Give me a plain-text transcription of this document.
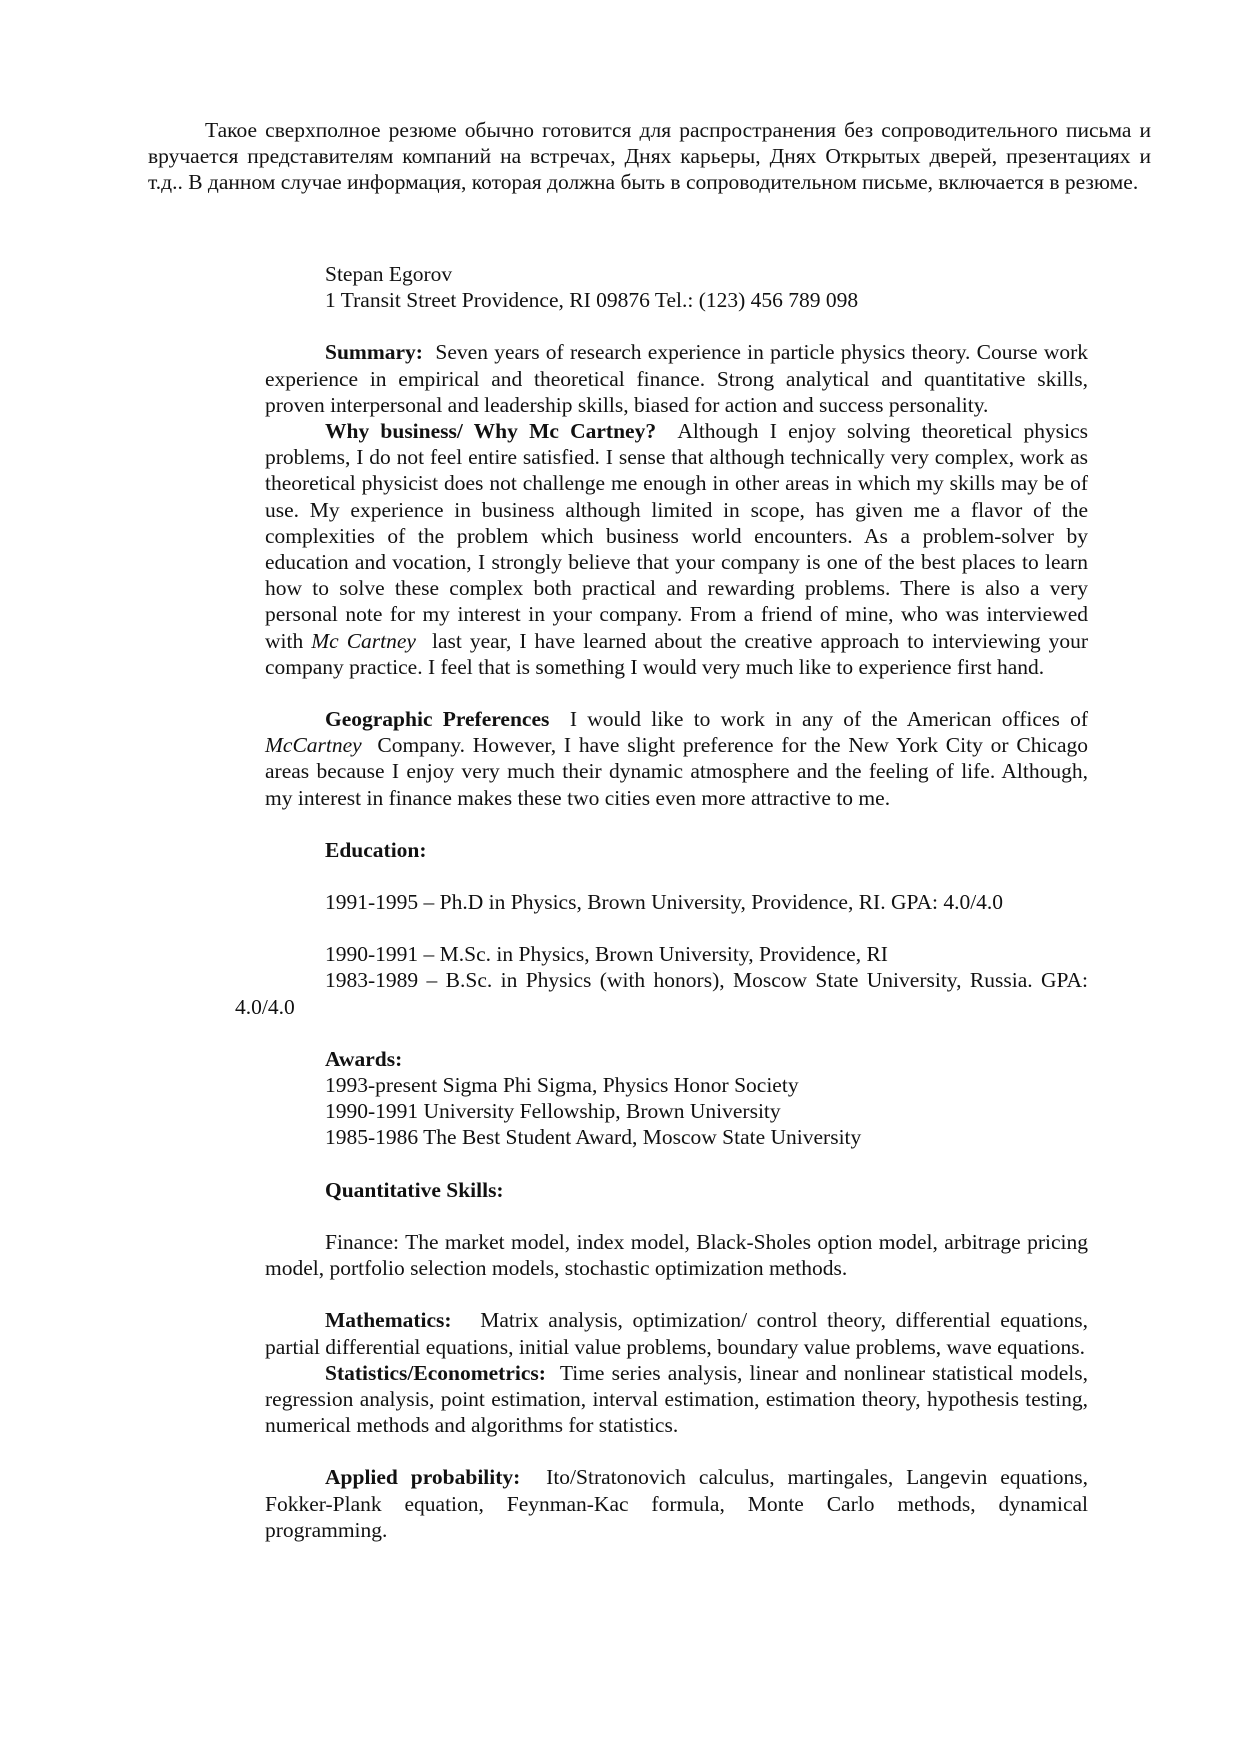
Такое сверхполное резюме обычно готовится для распространения без сопроводительного письма и вручается представителям компаний на встречах, Днях карьеры, Днях Открытых дверей, презентациях и т.д.. В данном случае информация, которая должна быть в сопроводительном письме, включается в резюме.

Stepan Egorov

1 Transit Street Providence, RI 09876 Tel.: (123) 456 789 098

Summary: Seven years of research experience in particle physics theory. Course work experience in empirical and theoretical finance. Strong analytical and quantitative skills, proven interpersonal and leadership skills, biased for action and success personality.

Why business/ Why Mc Cartney? Although I enjoy solving theoretical physics problems, I do not feel entire satisfied. I sense that although technically very complex, work as theoretical physicist does not challenge me enough in other areas in which my skills may be of use. My experience in business although limited in scope, has given me a flavor of the complexities of the problem which business world encounters. As a problem-solver by education and vocation, I strongly believe that your company is one of the best places to learn how to solve these complex both practical and rewarding problems. There is also a very personal note for my interest in your company. From a friend of mine, who was interviewed with Mc Cartney last year, I have learned about the creative approach to interviewing your company practice. I feel that is something I would very much like to experience first hand.

Geographic Preferences I would like to work in any of the American offices of McCartney Company. However, I have slight preference for the New York City or Chicago areas because I enjoy very much their dynamic atmosphere and the feeling of life. Although, my interest in finance makes these two cities even more attractive to me.

Education:

1991-1995 – Ph.D in Physics, Brown University, Providence, RI. GPA: 4.0/4.0

1990-1991 – M.Sc. in Physics, Brown University, Providence, RI

1983-1989 – B.Sc. in Physics (with honors), Moscow State University, Russia. GPA: 4.0/4.0

Awards:

1993-present Sigma Phi Sigma, Physics Honor Society

1990-1991 University Fellowship, Brown University

1985-1986 The Best Student Award, Moscow State University

Quantitative Skills:

Finance: The market model, index model, Black-Sholes option model, arbitrage pricing model, portfolio selection models, stochastic optimization methods.

Mathematics: Matrix analysis, optimization/ control theory, differential equations, partial differential equations, initial value problems, boundary value problems, wave equations.

Statistics/Econometrics: Time series analysis, linear and nonlinear statistical models, regression analysis, point estimation, interval estimation, estimation theory, hypothesis testing, numerical methods and algorithms for statistics.

Applied probability: Ito/Stratonovich calculus, martingales, Langevin equations, Fokker-Plank equation, Feynman-Kac formula, Monte Carlo methods, dynamical programming.
